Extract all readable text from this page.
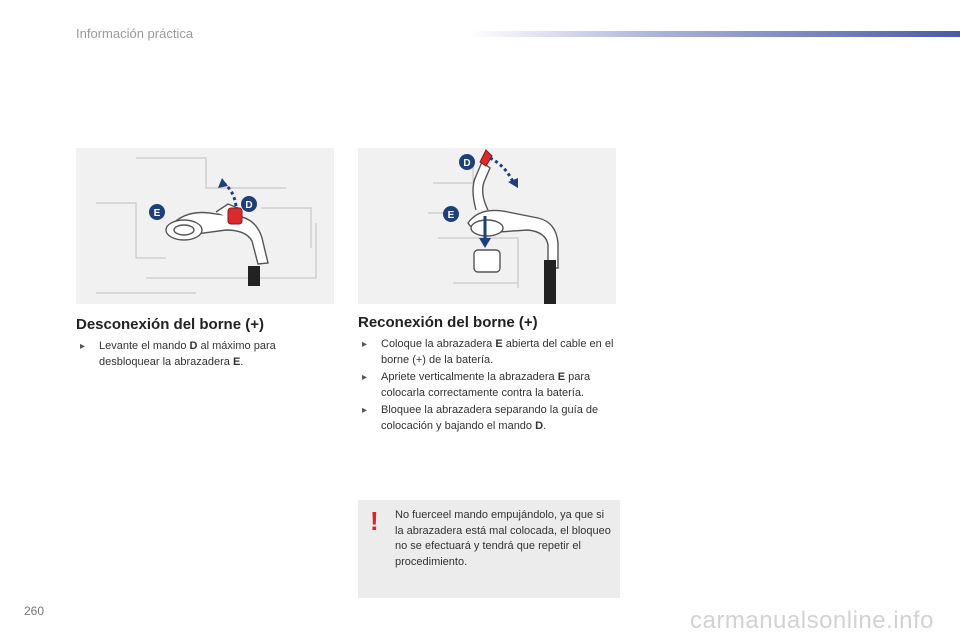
Información práctica
E
D
D
E
Desconexión del borne (+)	Reconexión del borne (+)
▸ Levante el mando D al máximo para desbloquear la abrazadera E.
▸ Coloque la abrazadera E abierta del cable en el borne (+) de la batería.
▸ Apriete verticalmente la abrazadera E para colocarla correctamente contra la batería.
▸ Bloquee la abrazadera separando la guía de colocación y bajando el mando D.
! No fuerceel mando empujándolo, ya que si la abrazadera está mal colocada, el bloqueo no se efectuará y tendrá que repetir el procedimiento.
260	carmanualsonline.info
